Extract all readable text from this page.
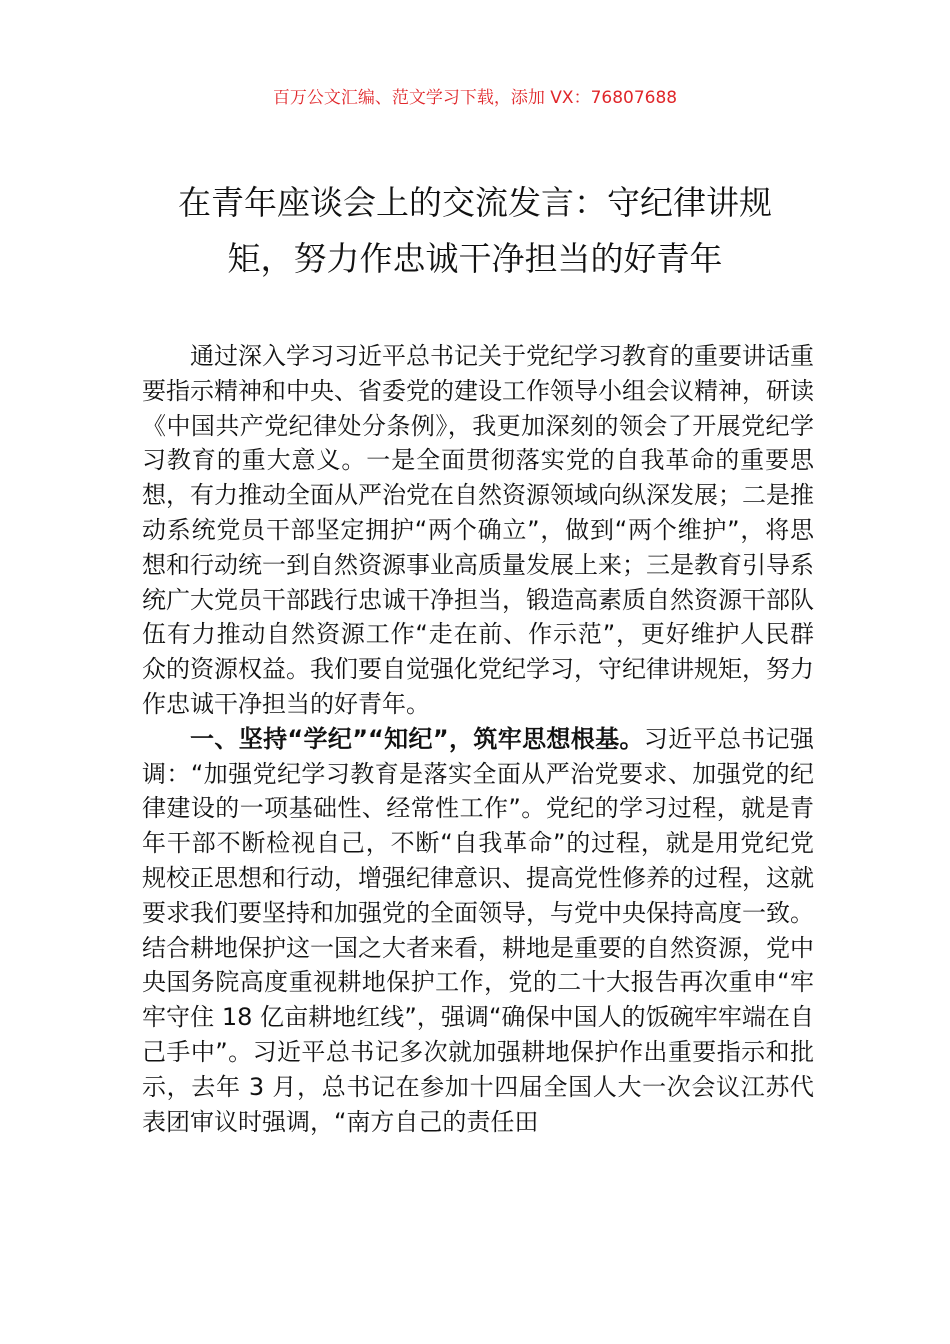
百万公文汇编、范文学习下载，添加 VX：76807688
在青年座谈会上的交流发言：守纪律讲规
矩，努力作忠诚干净担当的好青年

通过深入学习习近平总书记关于党纪学习教育的重要讲话重要指示精神和中央、省委党的建设工作领导小组会议精神，研读《中国共产党纪律处分条例》，我更加深刻的领会了开展党纪学习教育的重大意义。一是全面贯彻落实党的自我革命的重要思想，有力推动全面从严治党在自然资源领域向纵深发展；二是推动系统党员干部坚定拥护“两个确立”，做到“两个维护”，将思想和行动统一到自然资源事业高质量发展上来；三是教育引导系统广大党员干部践行忠诚干净担当，锻造高素质自然资源干部队伍有力推动自然资源工作“走在前、作示范”，更好维护人民群众的资源权益。我们要自觉强化党纪学习，守纪律讲规矩，努力作忠诚干净担当的好青年。

一、坚持“学纪”“知纪”，筑牢思想根基。习近平总书记强调：“加强党纪学习教育是落实全面从严治党要求、加强党的纪律建设的一项基础性、经常性工作”。党纪的学习过程，就是青年干部不断检视自己，不断“自我革命”的过程，就是用党纪党规校正思想和行动，增强纪律意识、提高党性修养的过程，这就要求我们要坚持和加强党的全面领导，与党中央保持高度一致。结合耕地保护这一国之大者来看，耕地是重要的自然资源，党中央国务院高度重视耕地保护工作，党的二十大报告再次重申“牢牢守住 18 亿亩耕地红线”，强调“确保中国人的饭碗牢牢端在自己手中”。习近平总书记多次就加强耕地保护作出重要指示和批示，去年 3 月，总书记在参加十四届全国人大一次会议江苏代表团审议时强调，“南方自己的责任田
